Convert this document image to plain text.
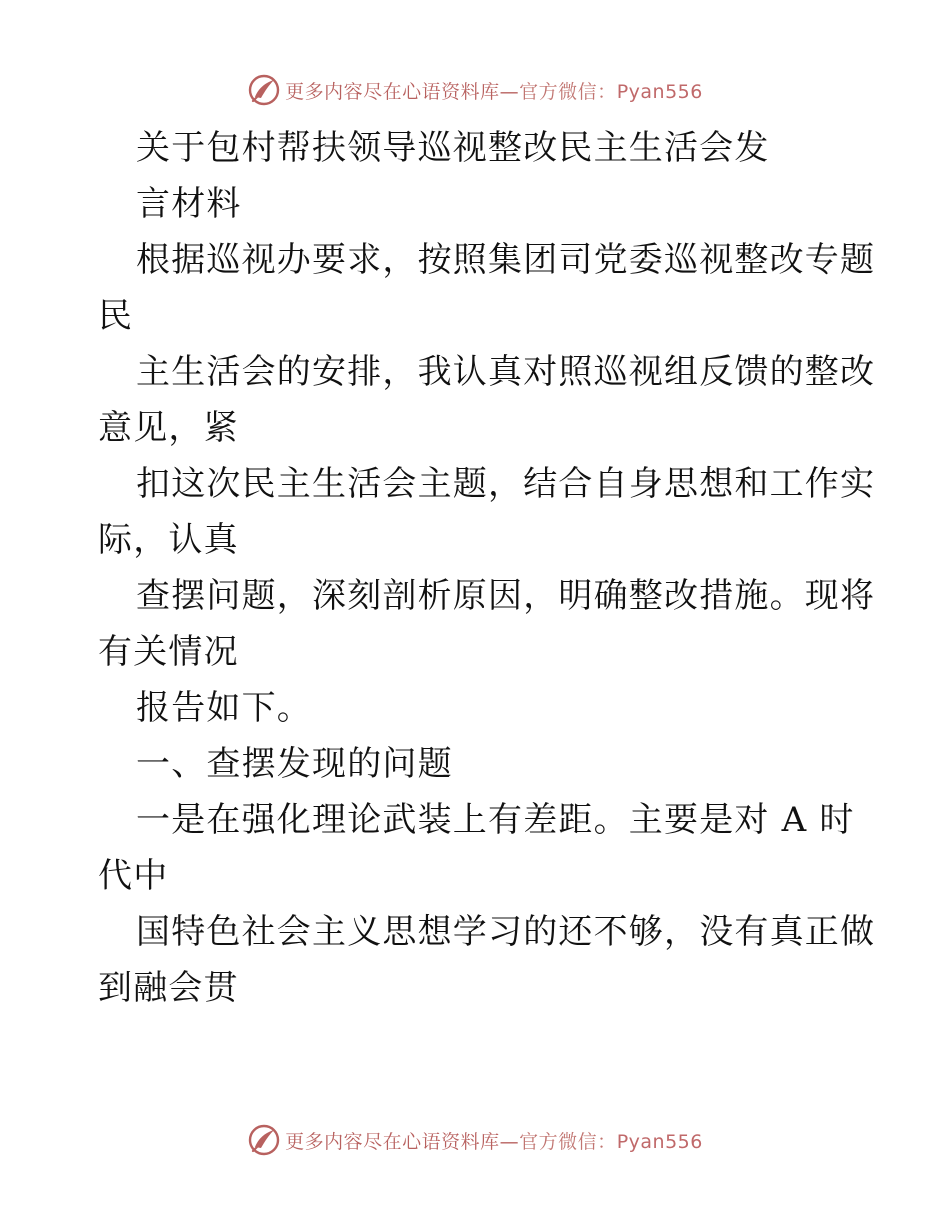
更多内容尽在心语资料库—官方微信：Pyan556
关于包村帮扶领导巡视整改民主生活会发
言材料
根据巡视办要求，按照集团司党委巡视整改专题
民
主生活会的安排，我认真对照巡视组反馈的整改
意见，紧
扣这次民主生活会主题，结合自身思想和工作实
际，认真
查摆问题，深刻剖析原因，明确整改措施。现将
有关情况
报告如下。
一、查摆发现的问题
一是在强化理论武装上有差距。主要是对 A 时
代中
国特色社会主义思想学习的还不够，没有真正做
到融会贯
更多内容尽在心语资料库—官方微信：Pyan556
